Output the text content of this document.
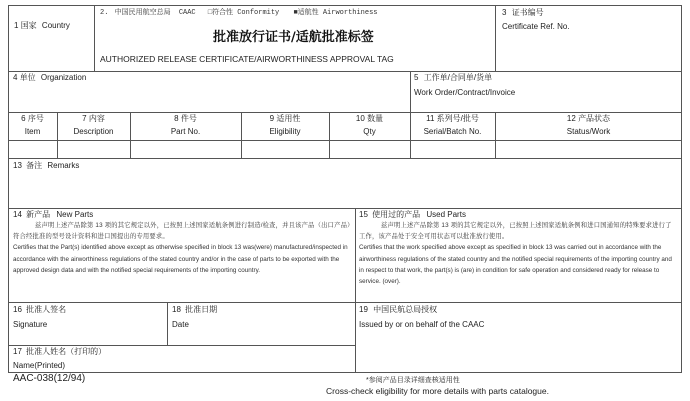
1 国家 Country
2. 中国民用航空总局 CAAC □符合性 Conformity ■适航性 Airworthiness
批准放行证书/适航批准标签
AUTHORIZED RELEASE CERTIFICATE/AIRWORTHINESS APPROVAL TAG
3 证书编号
Certificate Ref. No.
4 单位 Organization	5 工作单/合同单/货单
Work Order/Contract/Invoice
6 序号
Item
7 内容
Description
8 件号
Part No.
9 适用性
Eligibility
10 数量
Qty
11 系列号/批号
Serial/Batch No.
12 产品状态
Status/Work
13 备注 Remarks
14 新产品 New Parts
兹声明上述产品除第 13 项的其它规定以外，已按照上述国家适航条例进行制造/检查，并且该产品（出口产品）符合经批准的型号设计资料和进口国提出的专用要求。
Certifies that the Part(s) identified above except as otherwise specified in block 13 was(were) manufactured/inspected in accordance with the airworthiness regulations of the stated country and/or in the case of parts to be exported with the approved design data and with the notified special requirements of the importing country.
15 使用过的产品 Used Parts
兹声明上述产品除第 13 项的其它规定以外，已按照上述国家适航条例和进口国通知的特殊要求进行了工作，该产品处于安全可用状态可以批准放行使用。
Certifies that the work specified above except as specified in block 13 was carried out in accordance with the airworthiness regulations of the stated country and the notified special requirements of the importing country and in respect to that work, the part(s) is (are) in condition for safe operation and considered ready for release to service. (over).
16 批准人签名
Signature
18 批准日期
Date
17 批准人姓名（打印的）
Name(Printed)
19 中国民航总局授权
Issued by or on behalf of the CAAC
AAC-038(12/94)	*参阅产品目录详细查核适用性
Cross-check eligibility for more details with parts catalogue.
